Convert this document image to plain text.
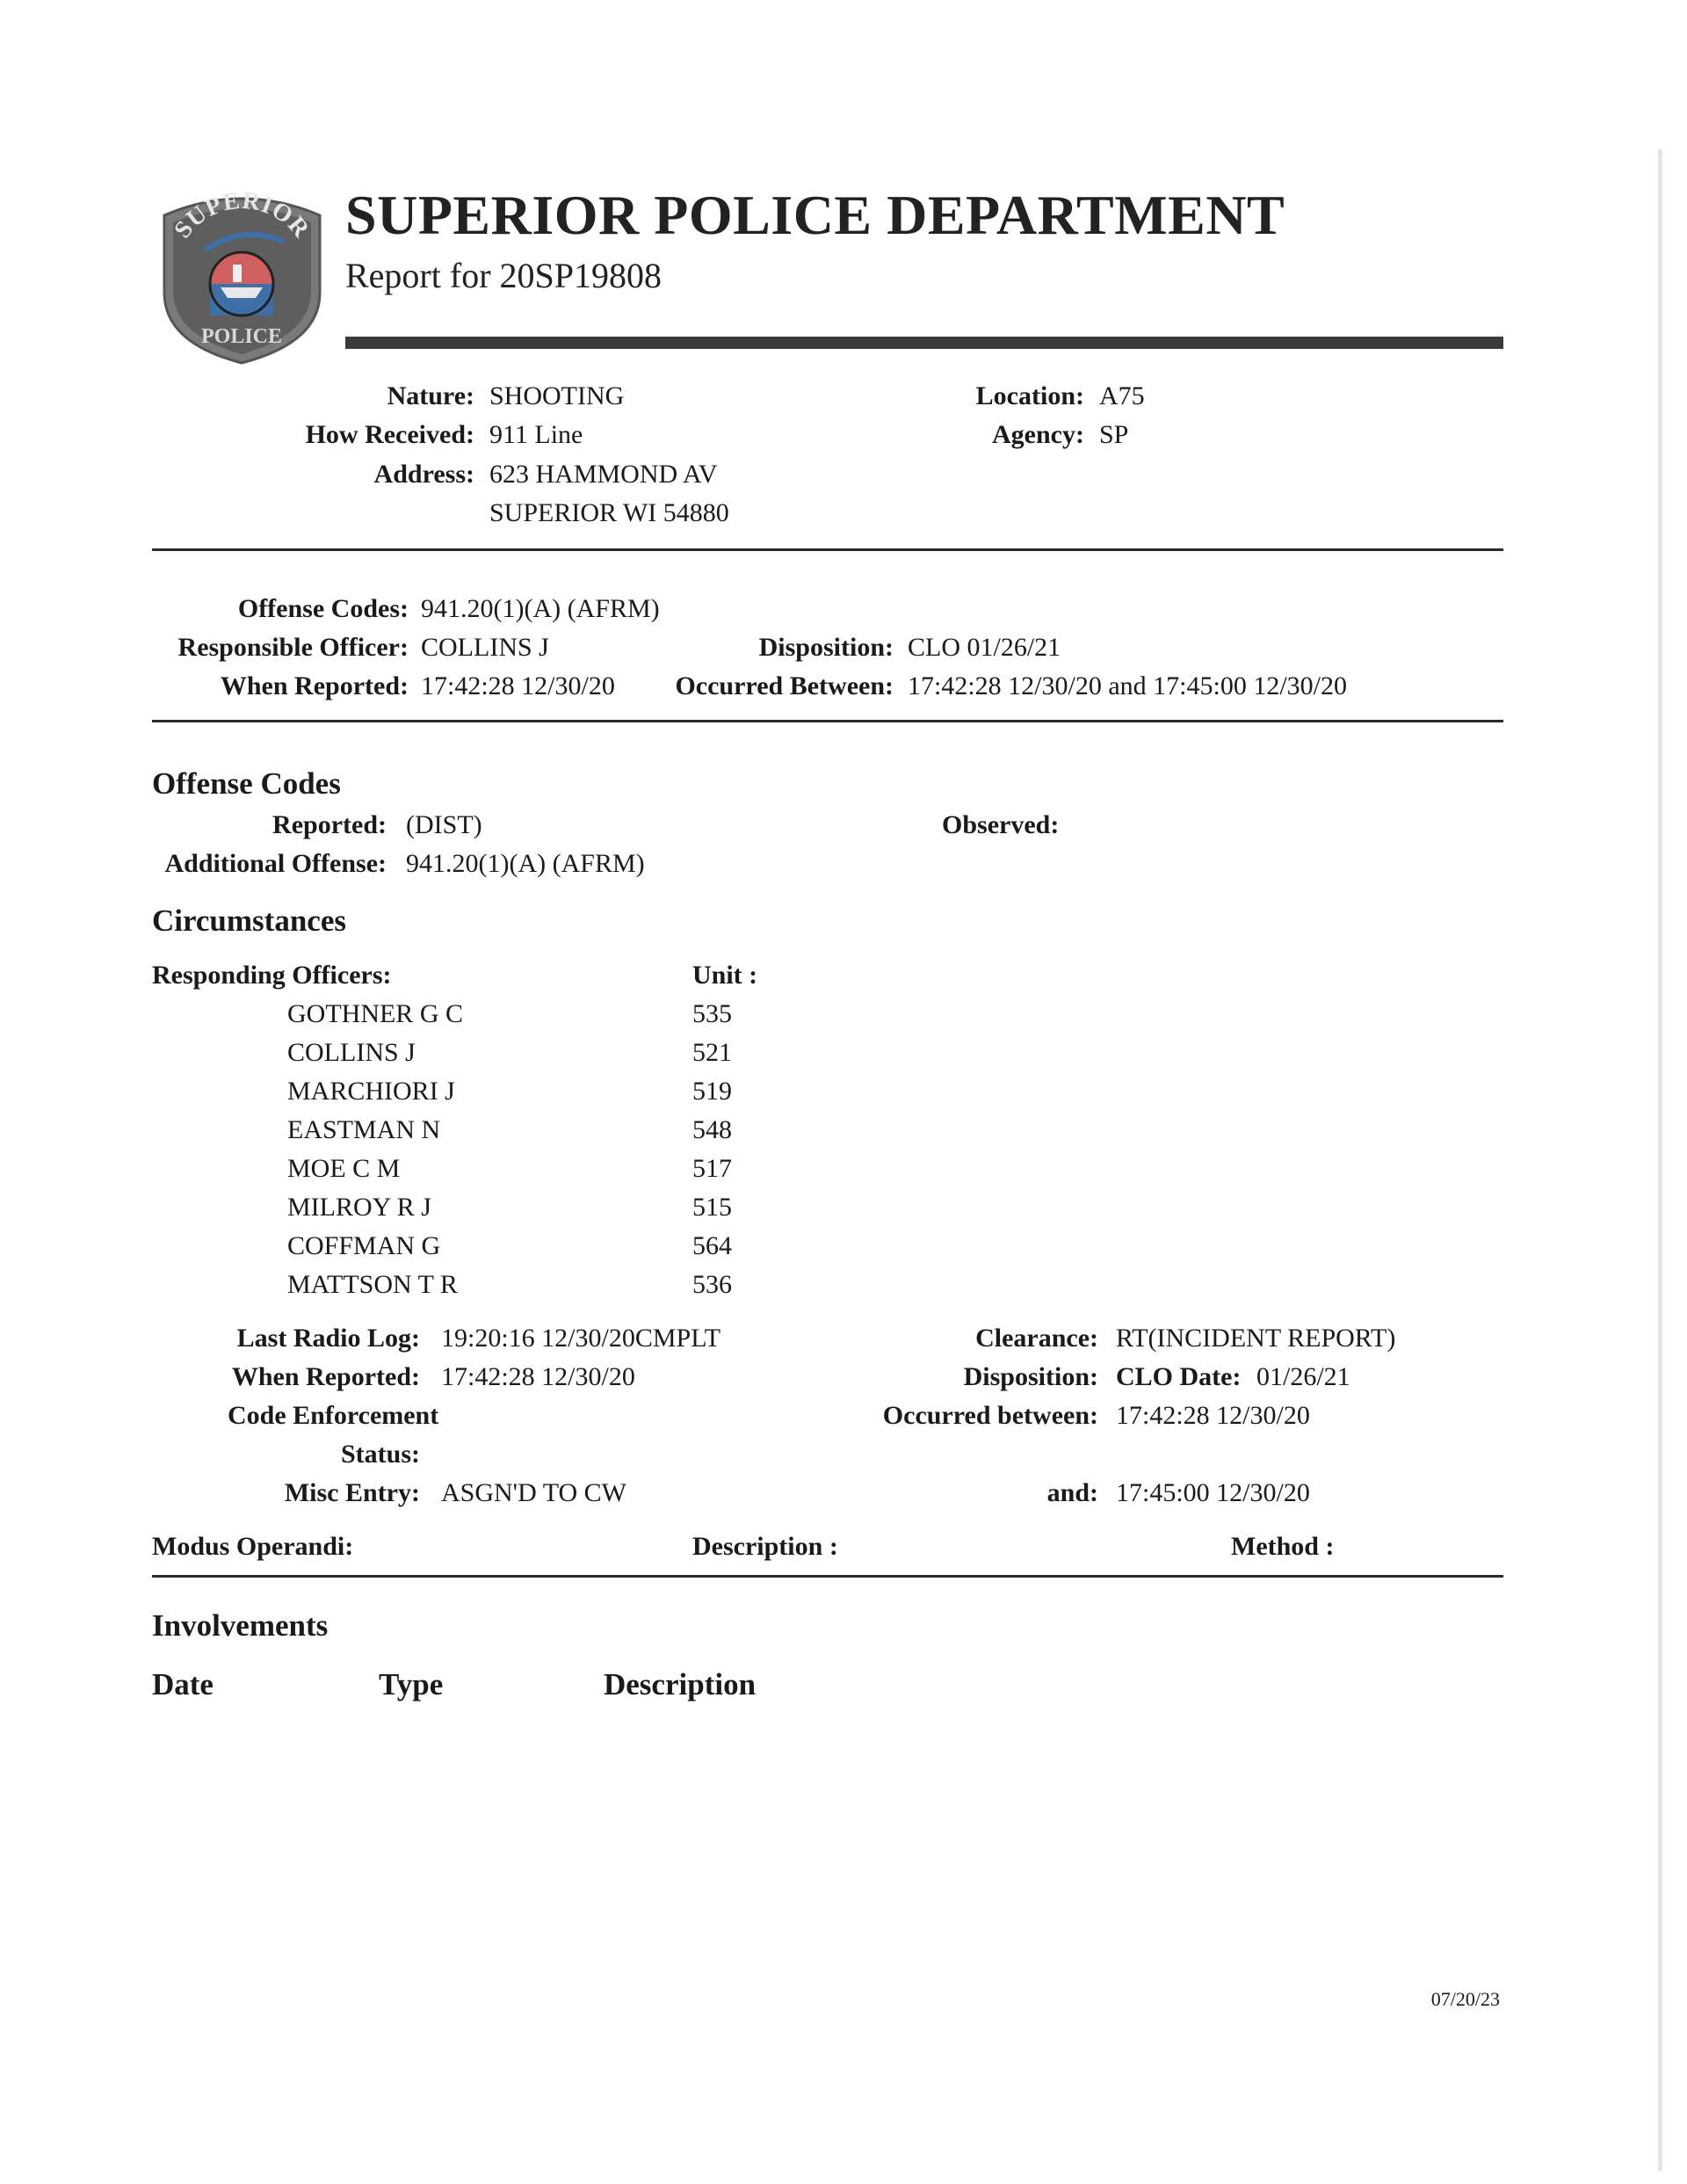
SUPERIOR
POLICE
SUPERIOR POLICE DEPARTMENT
Report for 20SP19808
Nature: SHOOTING
How Received: 911 Line
Address: 623 HAMMOND AV
SUPERIOR WI 54880
Location: A75
Agency: SP
Offense Codes: 941.20(1)(A) (AFRM)
Responsible Officer: COLLINS J
When Reported: 17:42:28 12/30/20
Disposition: CLO 01/26/21
Occurred Between: 17:42:28 12/30/20 and 17:45:00 12/30/20
Offense Codes
Reported: (DIST)
Additional Offense: 941.20(1)(A) (AFRM)
Observed:
Circumstances
Responding Officers:	Unit :
GOTHNER G C	535
COLLINS J	521
MARCHIORI J	519
EASTMAN N	548
MOE C M	517
MILROY R J	515
COFFMAN G	564
MATTSON T R	536
Last Radio Log: 19:20:16 12/30/20CMPLT
When Reported: 17:42:28 12/30/20
Code Enforcement
Status:
Misc Entry: ASGN'D TO CW
Clearance: RT(INCIDENT REPORT)
Disposition: CLO Date: 01/26/21
Occurred between: 17:42:28 12/30/20
and: 17:45:00 12/30/20
Modus Operandi:	Description :	Method :
Involvements
Date	Type	Description
07/20/23
